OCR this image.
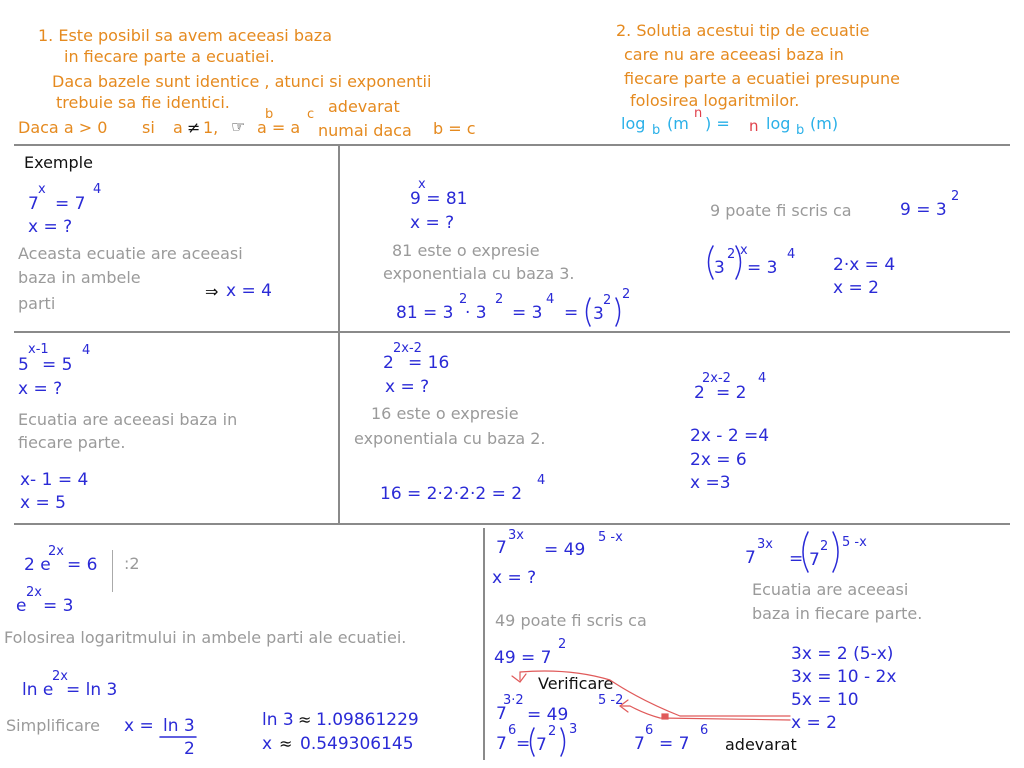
1. Este posibil sa avem aceeasi baza
in fiecare parte a ecuatiei.
Daca bazele sunt identice , atunci si exponentii
trebuie sa fie identici.	adevarat
Daca a > 0 si a ≠ 1, ☞ a = a
b	c
numai daca b = c
2. Solutia acestui tip de ecuatie
care nu are aceeasi baza in
fiecare parte a ecuatiei presupune
folosirea logaritmilor.
log b (m
n
) = n log b (m)
Exemple
7
x
= 7
4
x = ?
Aceasta ecuatie are aceeasi
baza in ambele
parti
⇒ x = 4
x
9 = 81
x = ?
81 este o expresie
exponentiala cu baza 3.
81 = 3
2
· 3
2
= 3
4
= 3
2 2
9 poate fi scris ca	9 = 3
2
3
2 x
= 3
4
2·x = 4
x = 2
5
x-1
= 5
4
x = ?
Ecuatia are aceeasi baza in
fiecare parte.
x- 1 = 4
x = 5
2
2x-2
= 16
x = ?
16 este o expresie
exponentiala cu baza 2.
16 = 2·2·2·2 = 2
4
2
2x-2
= 2
4
2x - 2 =4
2x = 6
x =3
2 e
2x
= 6 :2
e
2x
= 3
Folosirea logaritmului in ambele parti ale ecuatiei.
ln e
2x
= ln 3
Simplificare x = ln 3
2
ln 3 ≈ 1.09861229
x ≈ 0.549306145
7
3x
= 49
5 -x
x = ?
49 poate fi scris ca
49 = 7
2
Verificare
7
3·2
= 49
5 -2
7
6
= 7
2 3
7
6
= 7
6
adevarat
7
3x
= 7
2 5 -x
Ecuatia are aceeasi
baza in fiecare parte.
3x = 2 (5-x)
3x = 10 - 2x
5x = 10
x = 2
